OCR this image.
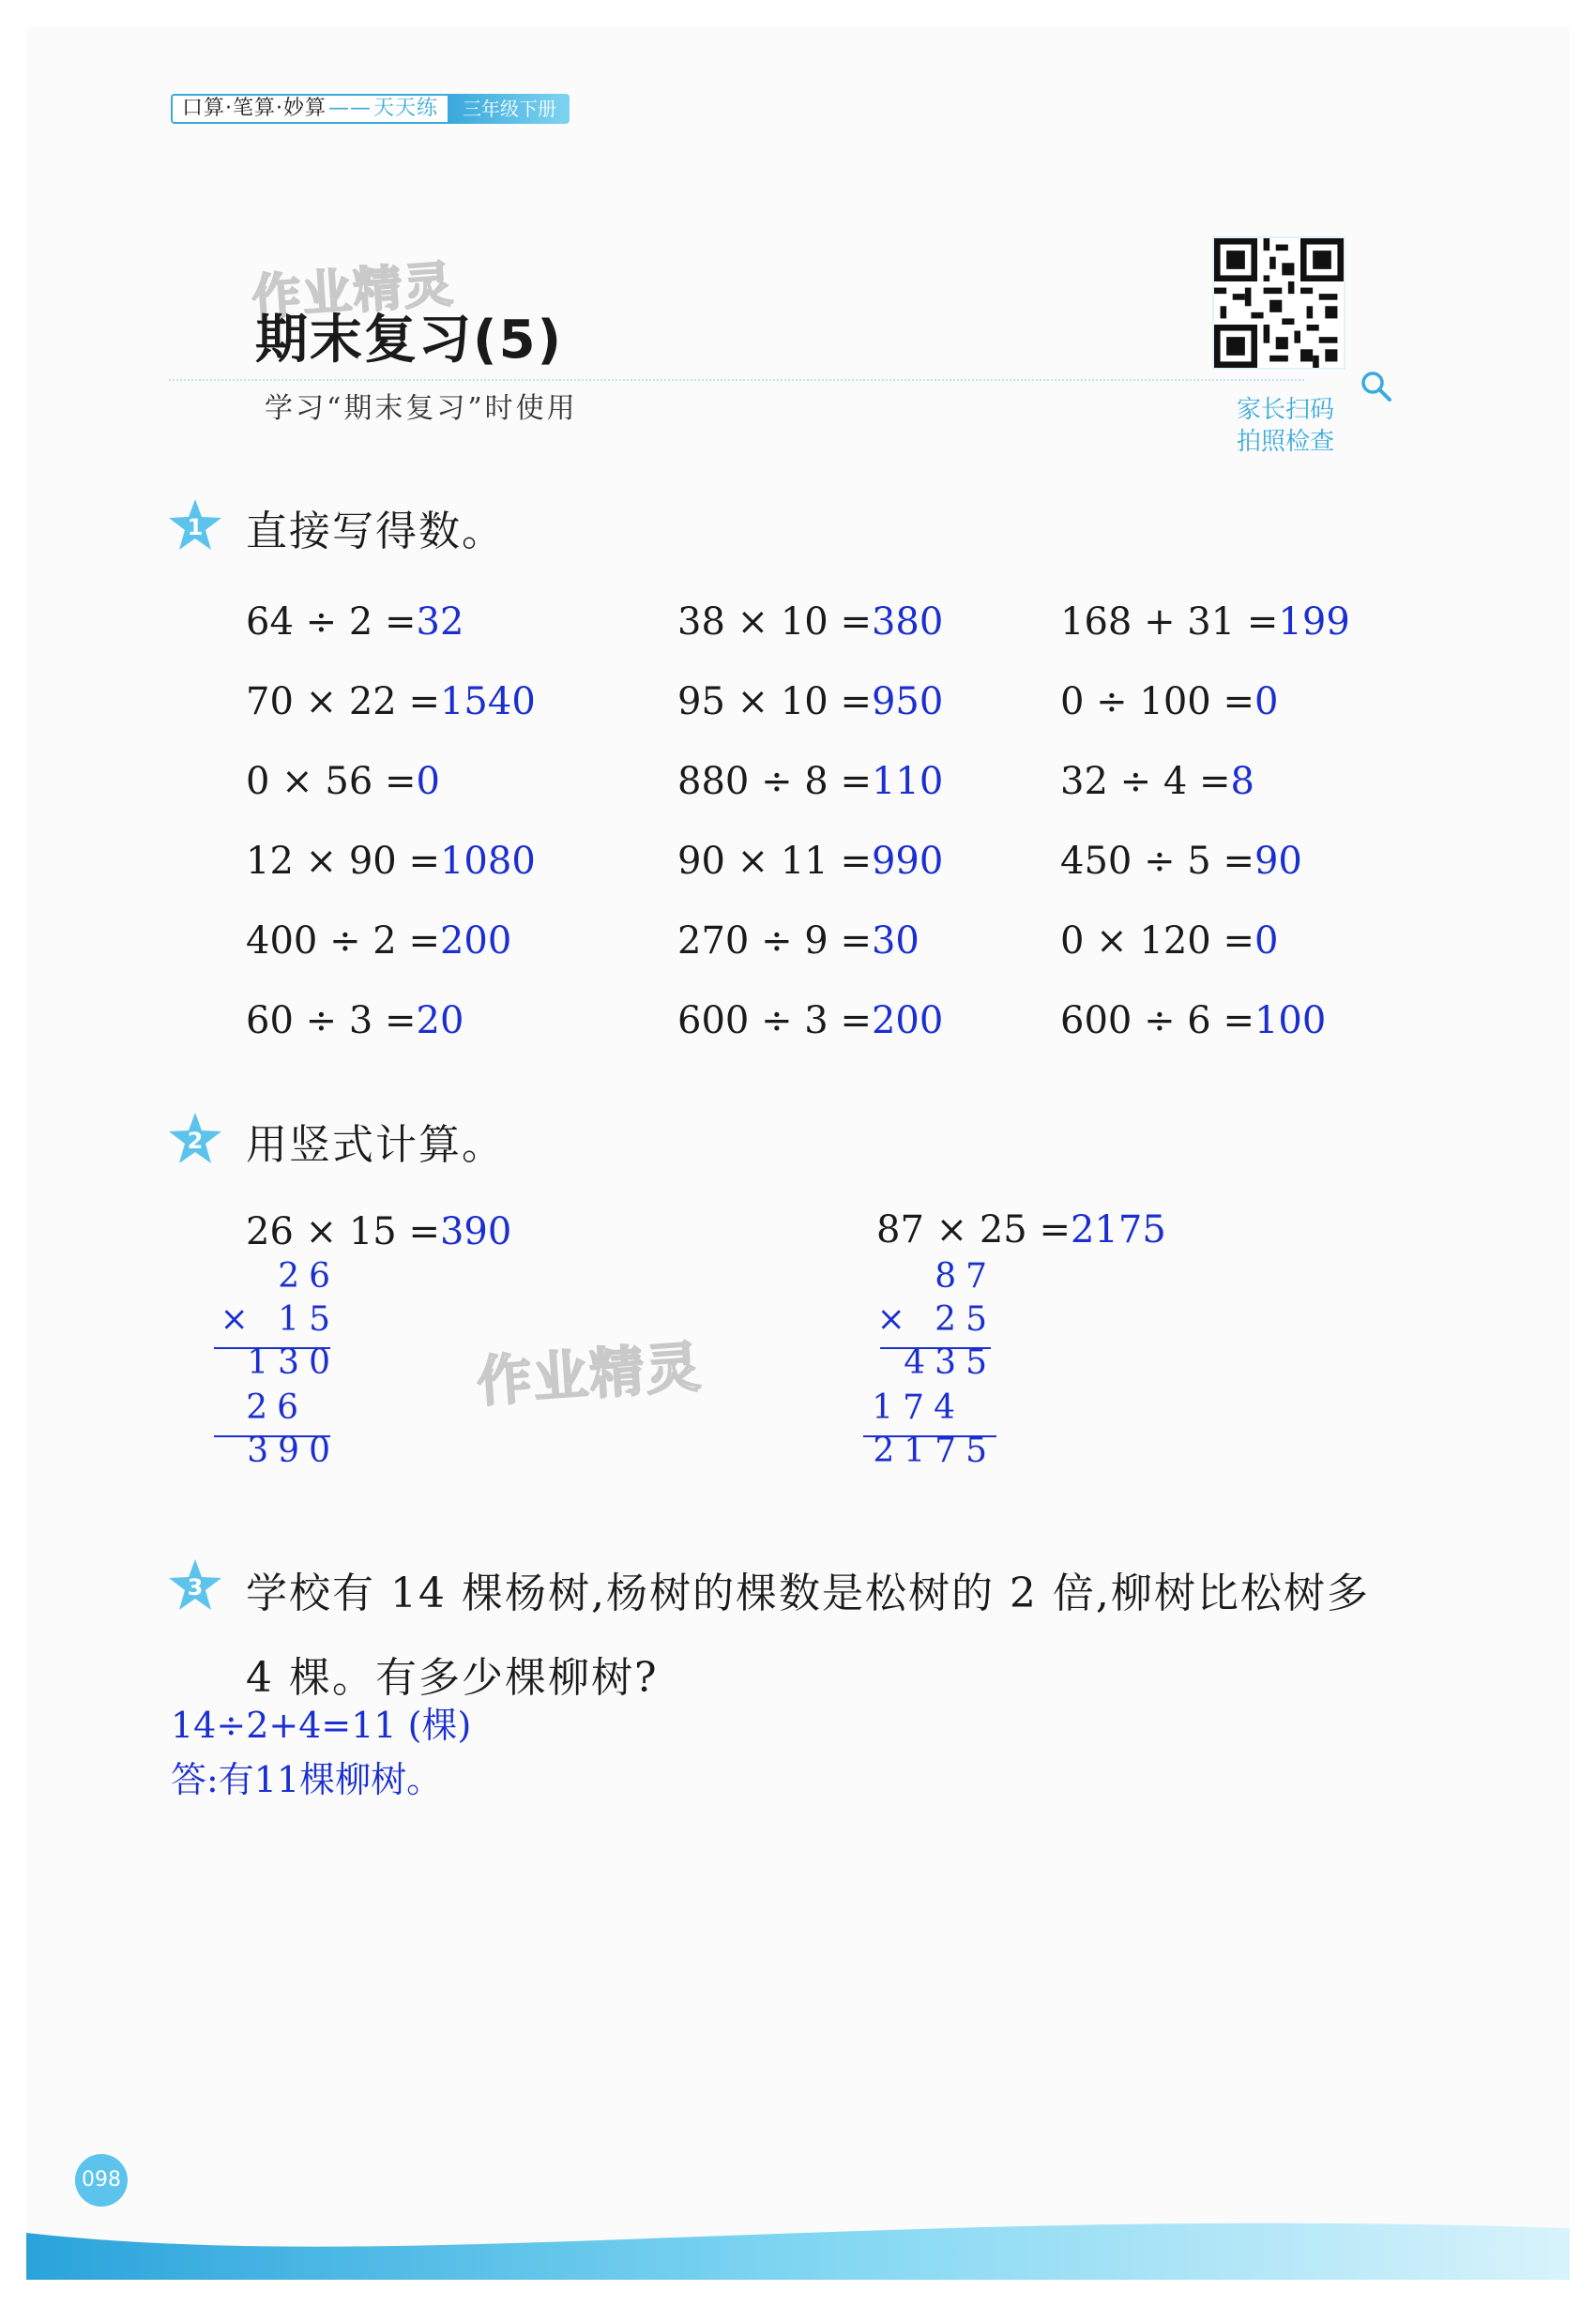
口算·笔算·妙算——天天练	三年级下册
作业精灵
期末复习(5)
学习“期末复习”时使用	家长扫码
拍照检查
1 直接写得数。
64 ÷ 2 =32	38 × 10 =380	168 + 31 =199
70 × 22 =1540	95 × 10 =950	0 ÷ 100 =0
0 × 56 =0	880 ÷ 8 =110	32 ÷ 4 =8
12 × 90 =1080	90 × 11 =990	450 ÷ 5 =90
400 ÷ 2 =200	270 ÷ 9 =30	0 × 120 =0
60 ÷ 3 =20	600 ÷ 3 =200	600 ÷ 6 =100
2 用竖式计算。
26 × 15 =390
26
× 15
130
26
390
作业精灵
87 × 25 =2175
87
× 25
435
174
2175
3 学校有 14 棵杨树,杨树的棵数是松树的 2 倍,柳树比松树多
4 棵。有多少棵柳树?
14÷2+4=11 (棵)
答:有11棵柳树。
098
